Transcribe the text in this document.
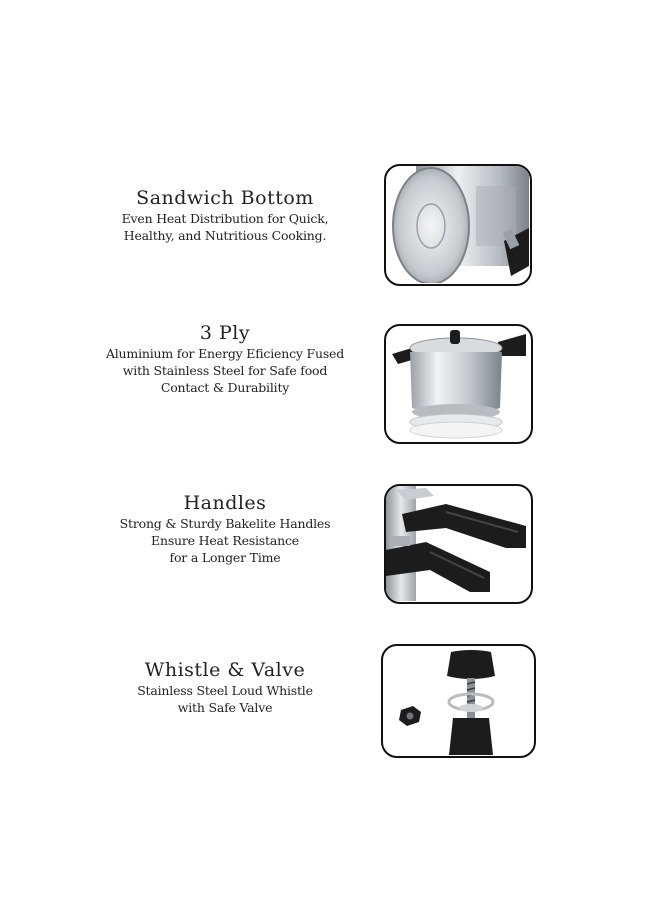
Sandwich Bottom
Even Heat Distribution for Quick,
Healthy, and Nutritious Cooking.
3 Ply
Aluminium for Energy Eficiency Fused
with Stainless Steel for Safe food
Contact & Durability
Handles
Strong & Sturdy Bakelite Handles
Ensure Heat Resistance
for a Longer Time
Whistle & Valve
Stainless Steel Loud Whistle
with Safe Valve
